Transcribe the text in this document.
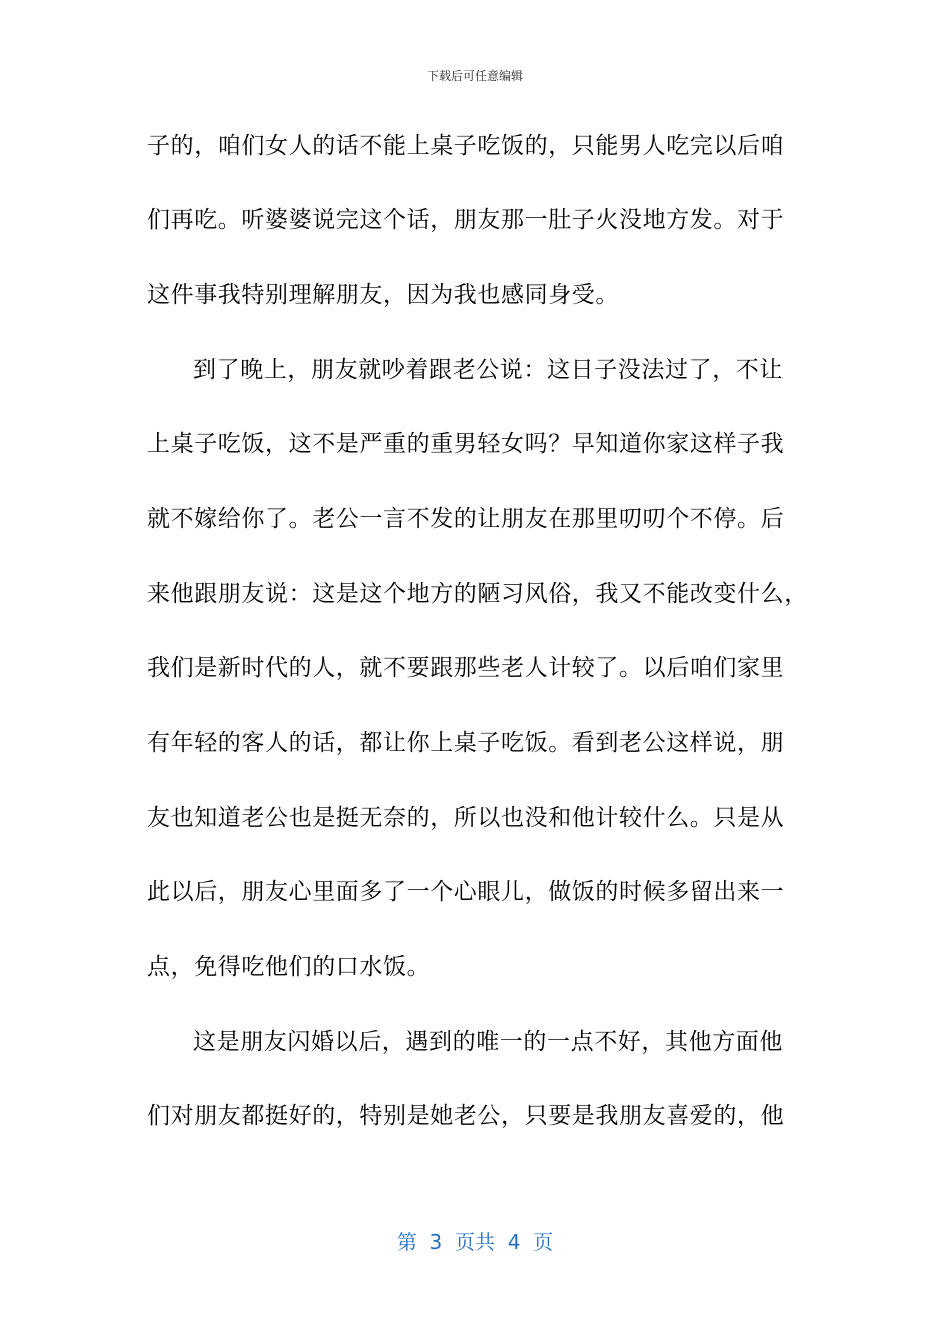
下载后可任意编辑
子的，咱们女人的话不能上桌子吃饭的，只能男人吃完以后咱
们再吃。听婆婆说完这个话，朋友那一肚子火没地方发。对于
这件事我特别理解朋友，因为我也感同身受。
到了晚上，朋友就吵着跟老公说：这日子没法过了，不让
上桌子吃饭，这不是严重的重男轻女吗？早知道你家这样子我
就不嫁给你了。老公一言不发的让朋友在那里叨叨个不停。后
来他跟朋友说：这是这个地方的陋习风俗，我又不能改变什么，
我们是新时代的人，就不要跟那些老人计较了。以后咱们家里
有年轻的客人的话，都让你上桌子吃饭。看到老公这样说，朋
友也知道老公也是挺无奈的，所以也没和他计较什么。只是从
此以后，朋友心里面多了一个心眼儿，做饭的时候多留出来一
点，免得吃他们的口水饭。
这是朋友闪婚以后，遇到的唯一的一点不好，其他方面他
们对朋友都挺好的，特别是她老公，只要是我朋友喜爱的，他
第  3  页共  4  页
